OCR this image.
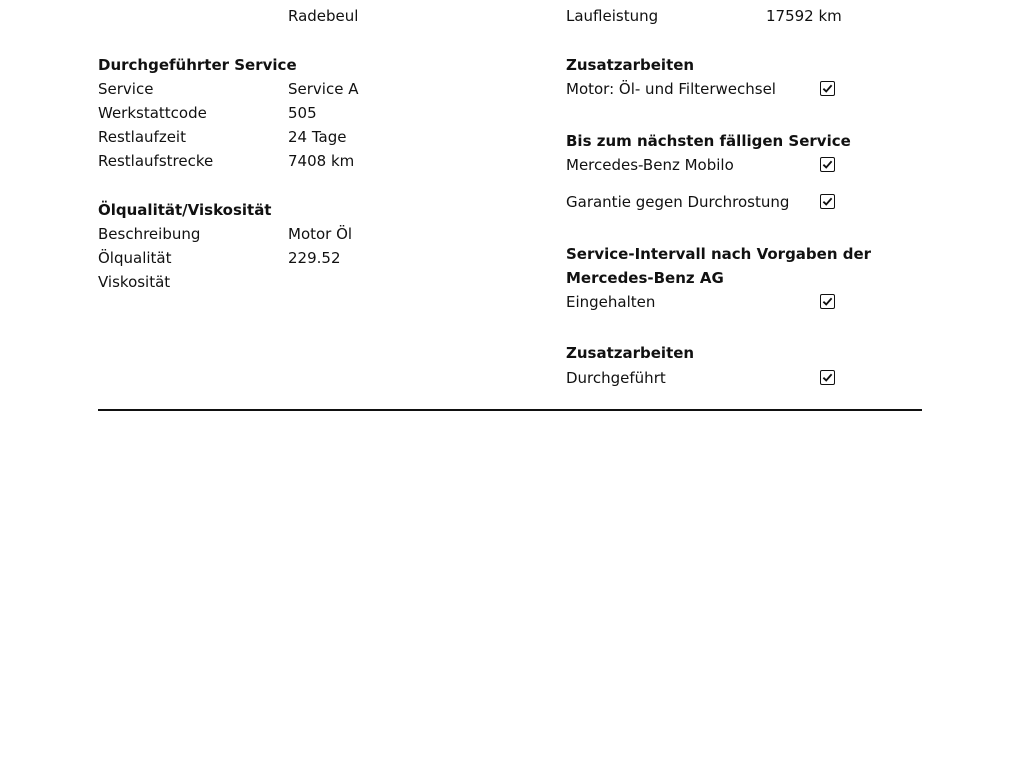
Radebeul
Durchgeführter Service
Service	Service A
Werkstattcode	505
Restlaufzeit	24 Tage
Restlaufstrecke	7408 km
Ölqualität/Viskosität
Beschreibung	Motor Öl
Ölqualität	229.52
Viskosität
Laufleistung	17592 km
Zusatzarbeiten
Motor: Öl- und Filterwechsel
Bis zum nächsten fälligen Service
Mercedes-Benz Mobilo
Garantie gegen Durchrostung
Service-Intervall nach Vorgaben der
Mercedes-Benz AG
Eingehalten
Zusatzarbeiten
Durchgeführt
